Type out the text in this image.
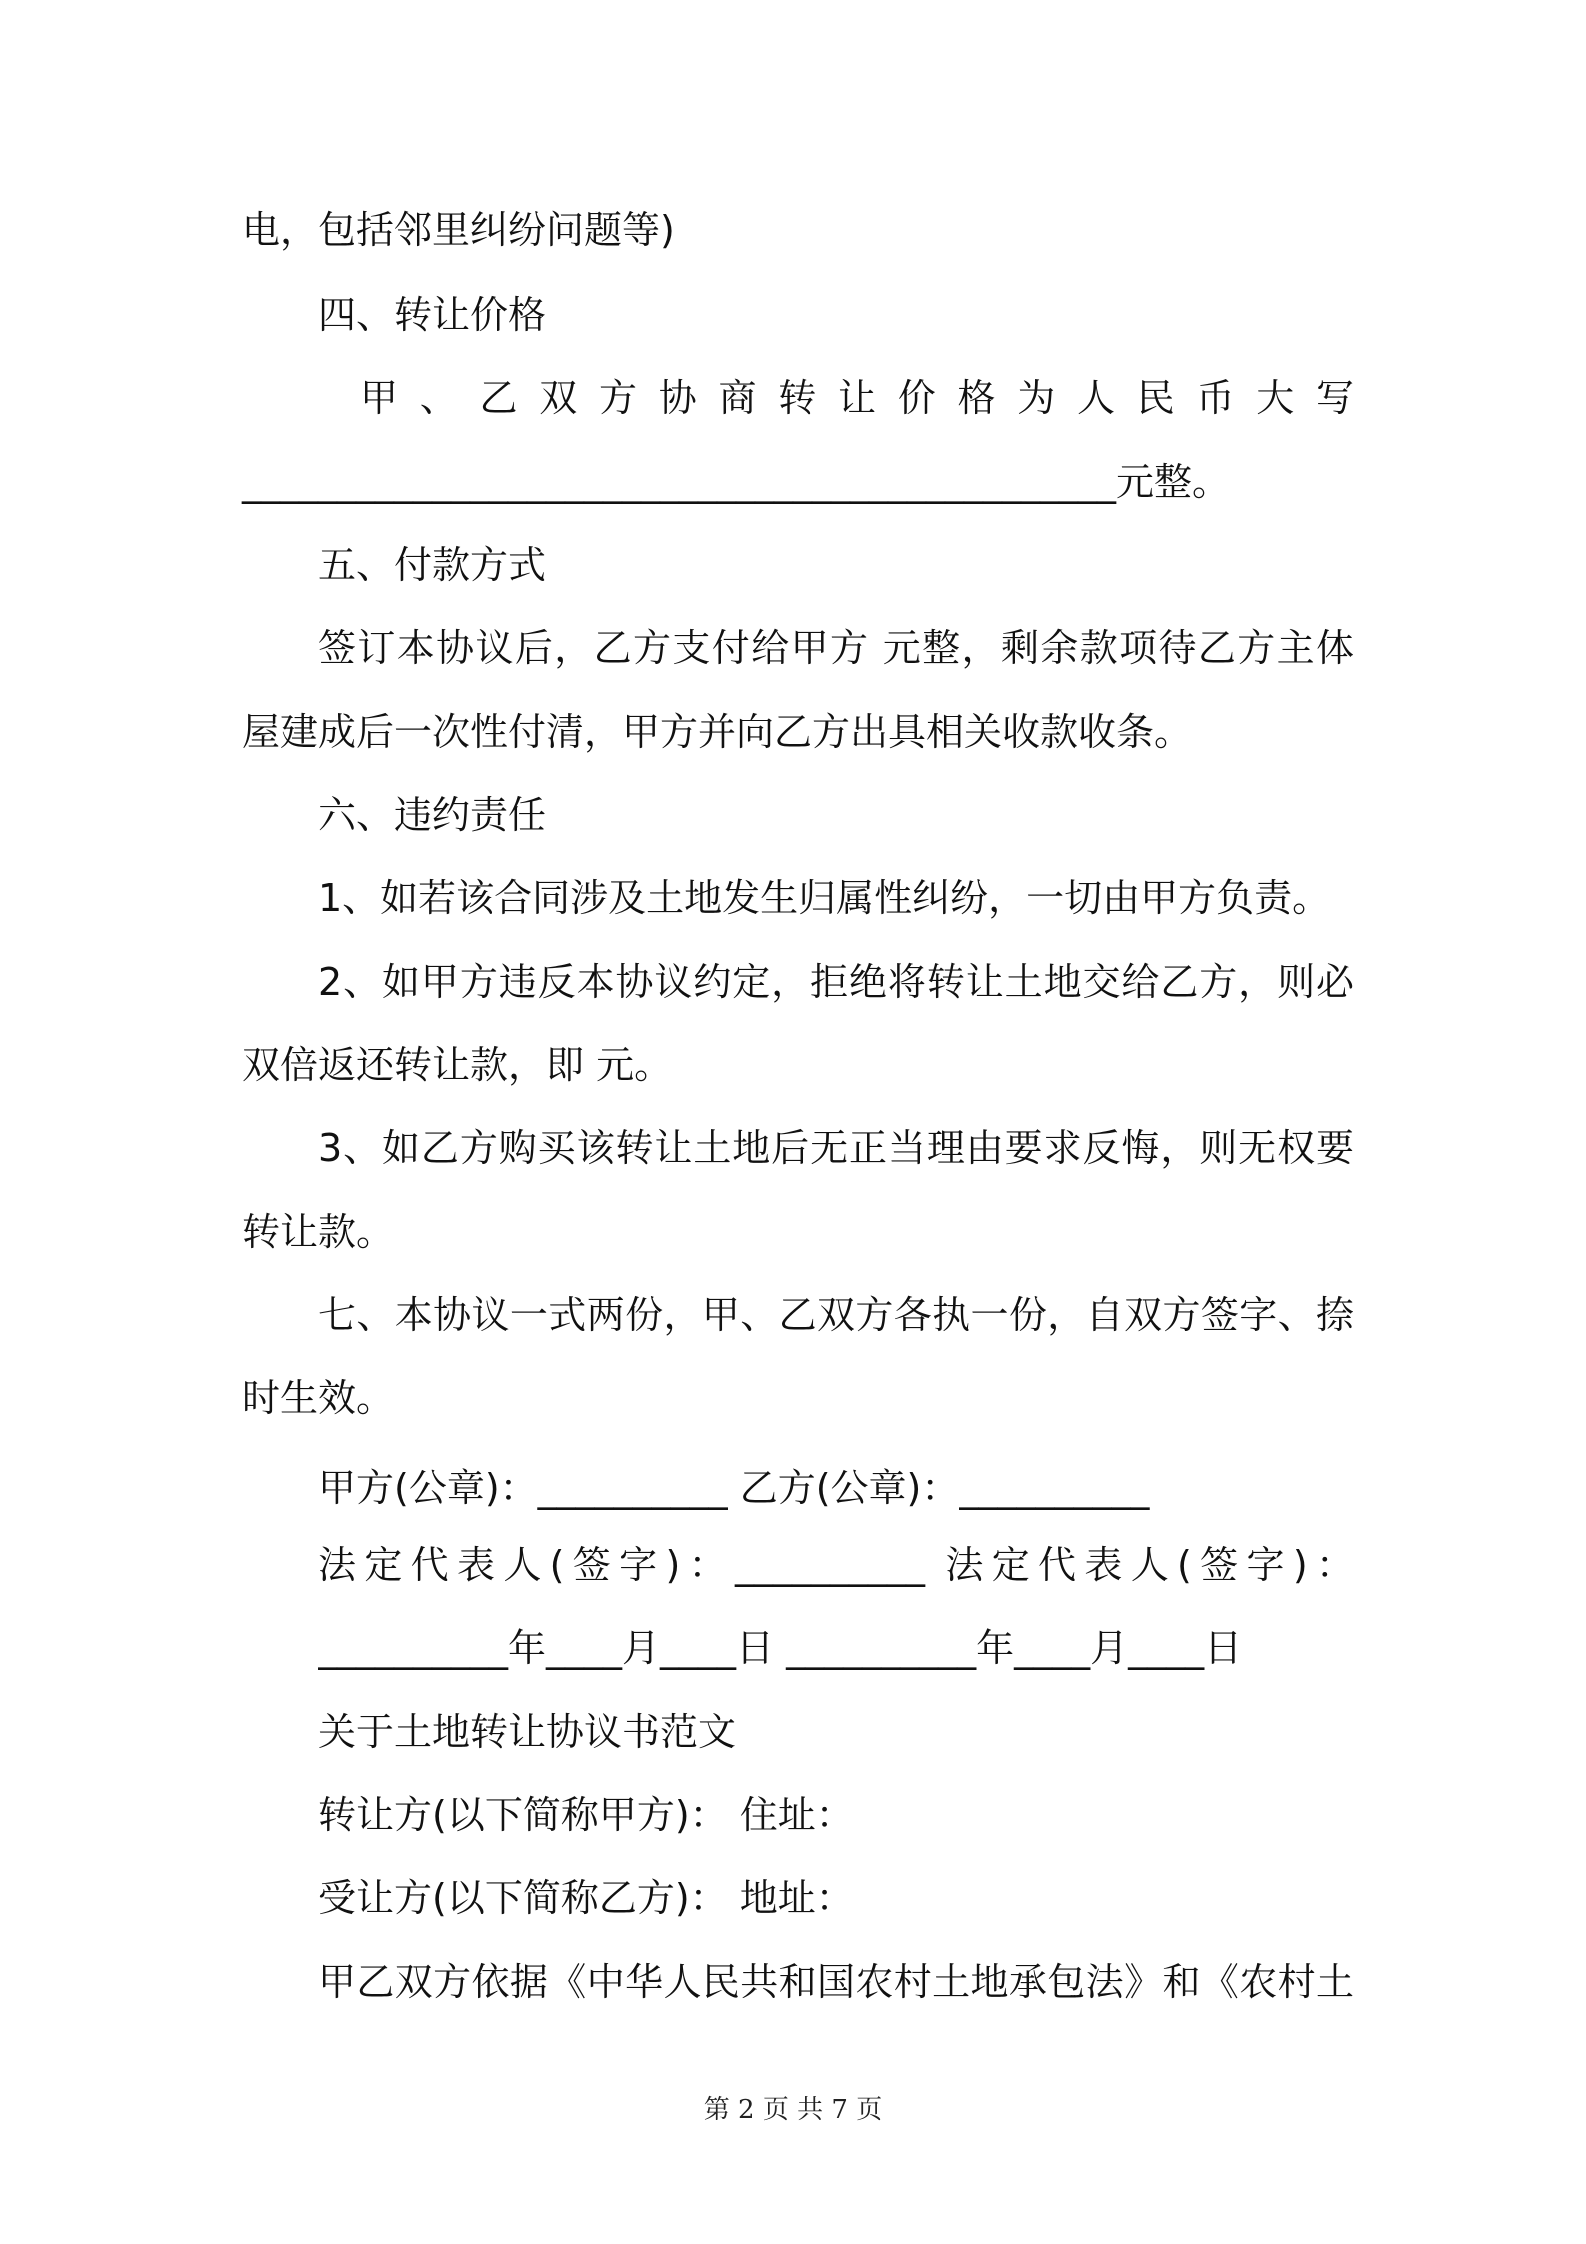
电，包括邻里纠纷问题等)
四、转让价格
甲、乙双方协商转让价格为人民币大写
______________________________________________元整。
五、付款方式
签订本协议后，乙方支付给甲方 元整，剩余款项待乙方主体
屋建成后一次性付清，甲方并向乙方出具相关收款收条。
六、违约责任
1、如若该合同涉及土地发生归属性纠纷，一切由甲方负责。
2、如甲方违反本协议约定，拒绝将转让土地交给乙方，则必
双倍返还转让款，即 元。
3、如乙方购买该转让土地后无正当理由要求反悔，则无权要
转让款。
七、本协议一式两份，甲、乙双方各执一份，自双方签字、捺
时生效。
甲方(公章)：__________ 乙方(公章)：__________
法定代表人(签字)：__________ 法定代表人(签字)：
__________年____月____日 __________年____月____日
关于土地转让协议书范文
转让方(以下简称甲方)： 住址：
受让方(以下简称乙方)： 地址：
甲乙双方依据《中华人民共和国农村土地承包法》和《农村土
第 2 页 共 7 页
